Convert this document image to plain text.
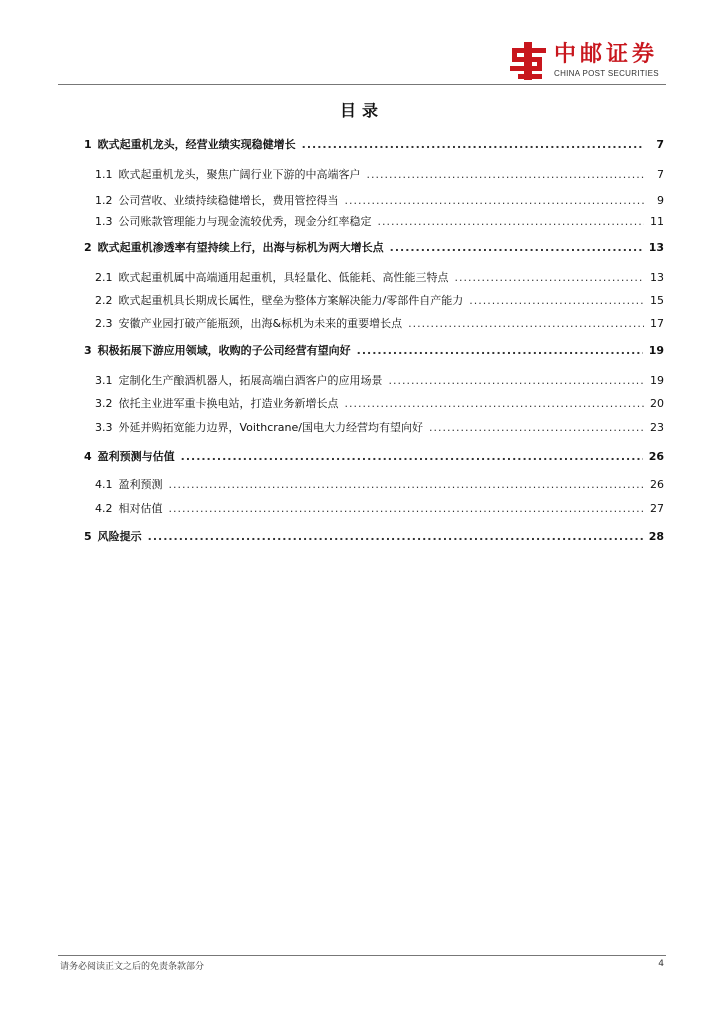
中邮证券
CHINA POST SECURITIES
目录
1 欧式起重机龙头，经营业绩实现稳健增长 .....	7
1.1 欧式起重机龙头，聚焦广阔行业下游的中高端客户 .....	7
1.2 公司营收、业绩持续稳健增长，费用管控得当 .....	9
1.3 公司账款管理能力与现金流较优秀，现金分红率稳定 .....	11
2 欧式起重机渗透率有望持续上行，出海与标机为两大增长点 .....	13
2.1 欧式起重机属中高端通用起重机，具轻量化、低能耗、高性能三特点 .....	13
2.2 欧式起重机具长期成长属性，壁垒为整体方案解决能力/零部件自产能力 .....	15
2.3 安徽产业园打破产能瓶颈，出海&标机为未来的重要增长点 .....	17
3 积极拓展下游应用领域，收购的子公司经营有望向好 .....	19
3.1 定制化生产酿酒机器人，拓展高端白酒客户的应用场景 .....	19
3.2 依托主业进军重卡换电站，打造业务新增长点 .....	20
3.3 外延并购拓宽能力边界，Voithcrane/国电大力经营均有望向好 .....	23
4 盈利预测与估值 .....	26
4.1 盈利预测 .....	26
4.2 相对估值 .....	27
5 风险提示 .....	28
请务必阅读正文之后的免责条款部分	4
